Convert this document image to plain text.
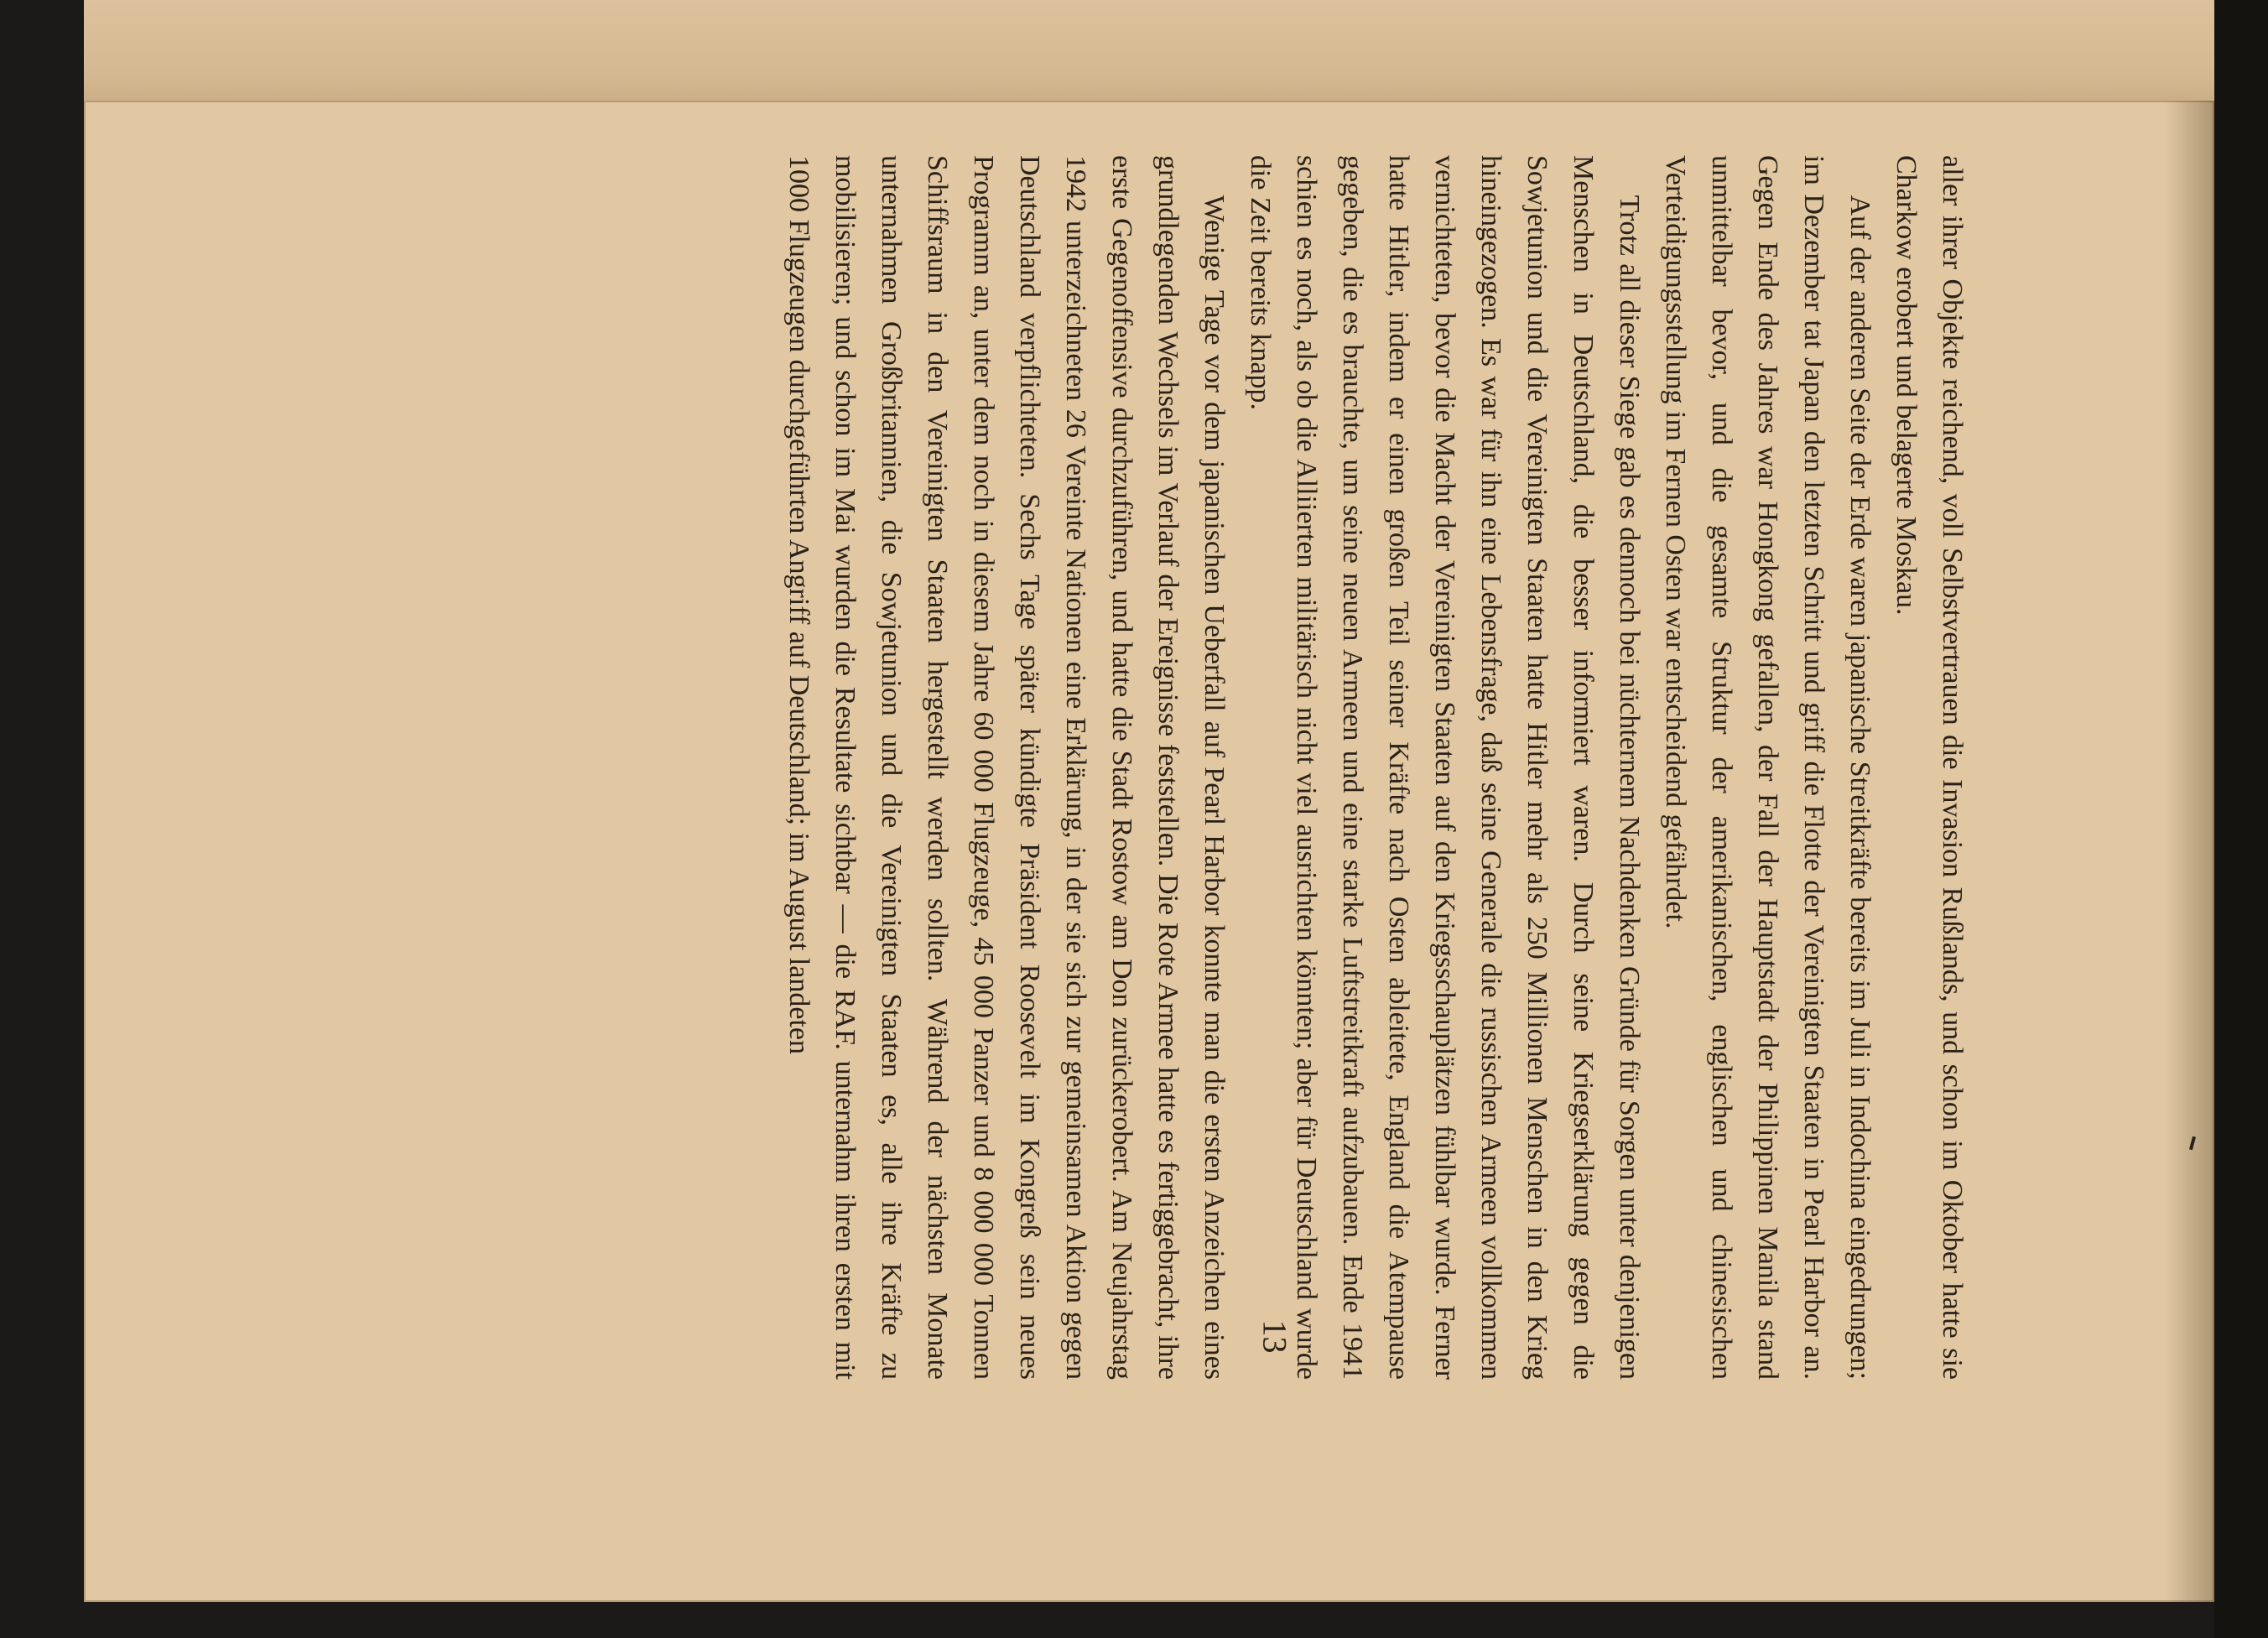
aller ihrer Objekte reichend, voll Selbstvertrauen die Invasion Rußlands, und schon im Oktober hatte sie Charkow erobert und belagerte Moskau.

Auf der anderen Seite der Erde waren japanische Streitkräfte bereits im Juli in Indochina eingedrungen; im Dezember tat Japan den letzten Schritt und griff die Flotte der Vereinigten Staaten in Pearl Harbor an. Gegen Ende des Jahres war Hongkong gefallen, der Fall der Hauptstadt der Philippinen Manila stand unmittelbar bevor, und die gesamte Struktur der amerikanischen, englischen und chinesischen Verteidigungsstellung im Fernen Osten war entscheidend gefährdet.

Trotz all dieser Siege gab es dennoch bei nüchternem Nachdenken Gründe für Sorgen unter denjenigen Menschen in Deutschland, die besser informiert waren. Durch seine Kriegserklärung gegen die Sowjetunion und die Vereinigten Staaten hatte Hitler mehr als 250 Millionen Menschen in den Krieg hineingezogen. Es war für ihn eine Lebensfrage, daß seine Generale die russischen Armeen vollkommen vernichteten, bevor die Macht der Vereinigten Staaten auf den Kriegsschauplätzen fühlbar wurde. Ferner hatte Hitler, indem er einen großen Teil seiner Kräfte nach Osten ableitete, England die Atempause gegeben, die es brauchte, um seine neuen Armeen und eine starke Luftstreitkraft aufzubauen. Ende 1941 schien es noch, als ob die Alliierten militärisch nicht viel ausrichten könnten; aber für Deutschland wurde die Zeit bereits knapp.

Wenige Tage vor dem japanischen Ueberfall auf Pearl Harbor konnte man die ersten Anzeichen eines grundlegenden Wechsels im Verlauf der Ereignisse feststellen. Die Rote Armee hatte es fertiggebracht, ihre erste Gegenoffensive durchzuführen, und hatte die Stadt Rostow am Don zurückerobert. Am Neujahrstag 1942 unterzeichneten 26 Vereinte Nationen eine Erklärung, in der sie sich zur gemeinsamen Aktion gegen Deutschland verpflichteten. Sechs Tage später kündigte Präsident Roosevelt im Kongreß sein neues Programm an, unter dem noch in diesem Jahre 60 000 Flugzeuge, 45 000 Panzer und 8 000 000 Tonnen Schiffsraum in den Vereinigten Staaten hergestellt werden sollten. Während der nächsten Monate unternahmen Großbritannien, die Sowjetunion und die Vereinigten Staaten es, alle ihre Kräfte zu mobilisieren; und schon im Mai wurden die Resultate sichtbar — die RAF. unternahm ihren ersten mit 1000 Flugzeugen durchgeführten Angriff auf Deutschland; im August landeten

13
